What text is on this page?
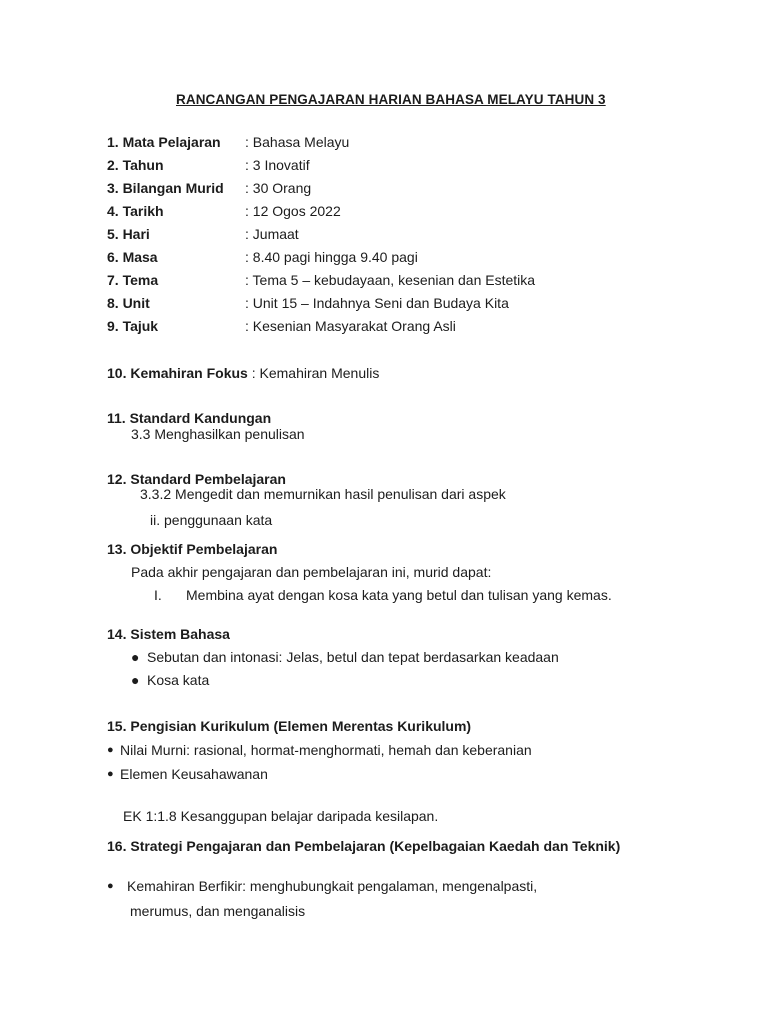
RANCANGAN PENGAJARAN HARIAN BAHASA MELAYU TAHUN 3
1. Mata Pelajaran : Bahasa Melayu
2. Tahun	: 3 Inovatif
3. Bilangan Murid : 30 Orang
4. Tarikh	: 12 Ogos 2022
5. Hari	: Jumaat
6. Masa	: 8.40 pagi hingga 9.40 pagi
7. Tema	: Tema 5 – kebudayaan, kesenian dan Estetika
8. Unit	: Unit 15 – Indahnya Seni dan Budaya Kita
9. Tajuk	: Kesenian Masyarakat Orang Asli
10. Kemahiran Fokus : Kemahiran Menulis
11. Standard Kandungan
3.3 Menghasilkan penulisan
12. Standard Pembelajaran
3.3.2 Mengedit dan memurnikan hasil penulisan dari aspek
ii. penggunaan kata
13. Objektif Pembelajaran
Pada akhir pengajaran dan pembelajaran ini, murid dapat:
I. Membina ayat dengan kosa kata yang betul dan tulisan yang kemas.
14. Sistem Bahasa
● Sebutan dan intonasi: Jelas, betul dan tepat berdasarkan keadaan
● Kosa kata
15. Pengisian Kurikulum (Elemen Merentas Kurikulum)
● Nilai Murni: rasional, hormat-menghormati, hemah dan keberanian
● Elemen Keusahawanan
EK 1:1.8 Kesanggupan belajar daripada kesilapan.
16. Strategi Pengajaran dan Pembelajaran (Kepelbagaian Kaedah dan Teknik)
● Kemahiran Berfikir: menghubungkait pengalaman, mengenalpasti,
merumus, dan menganalisis
